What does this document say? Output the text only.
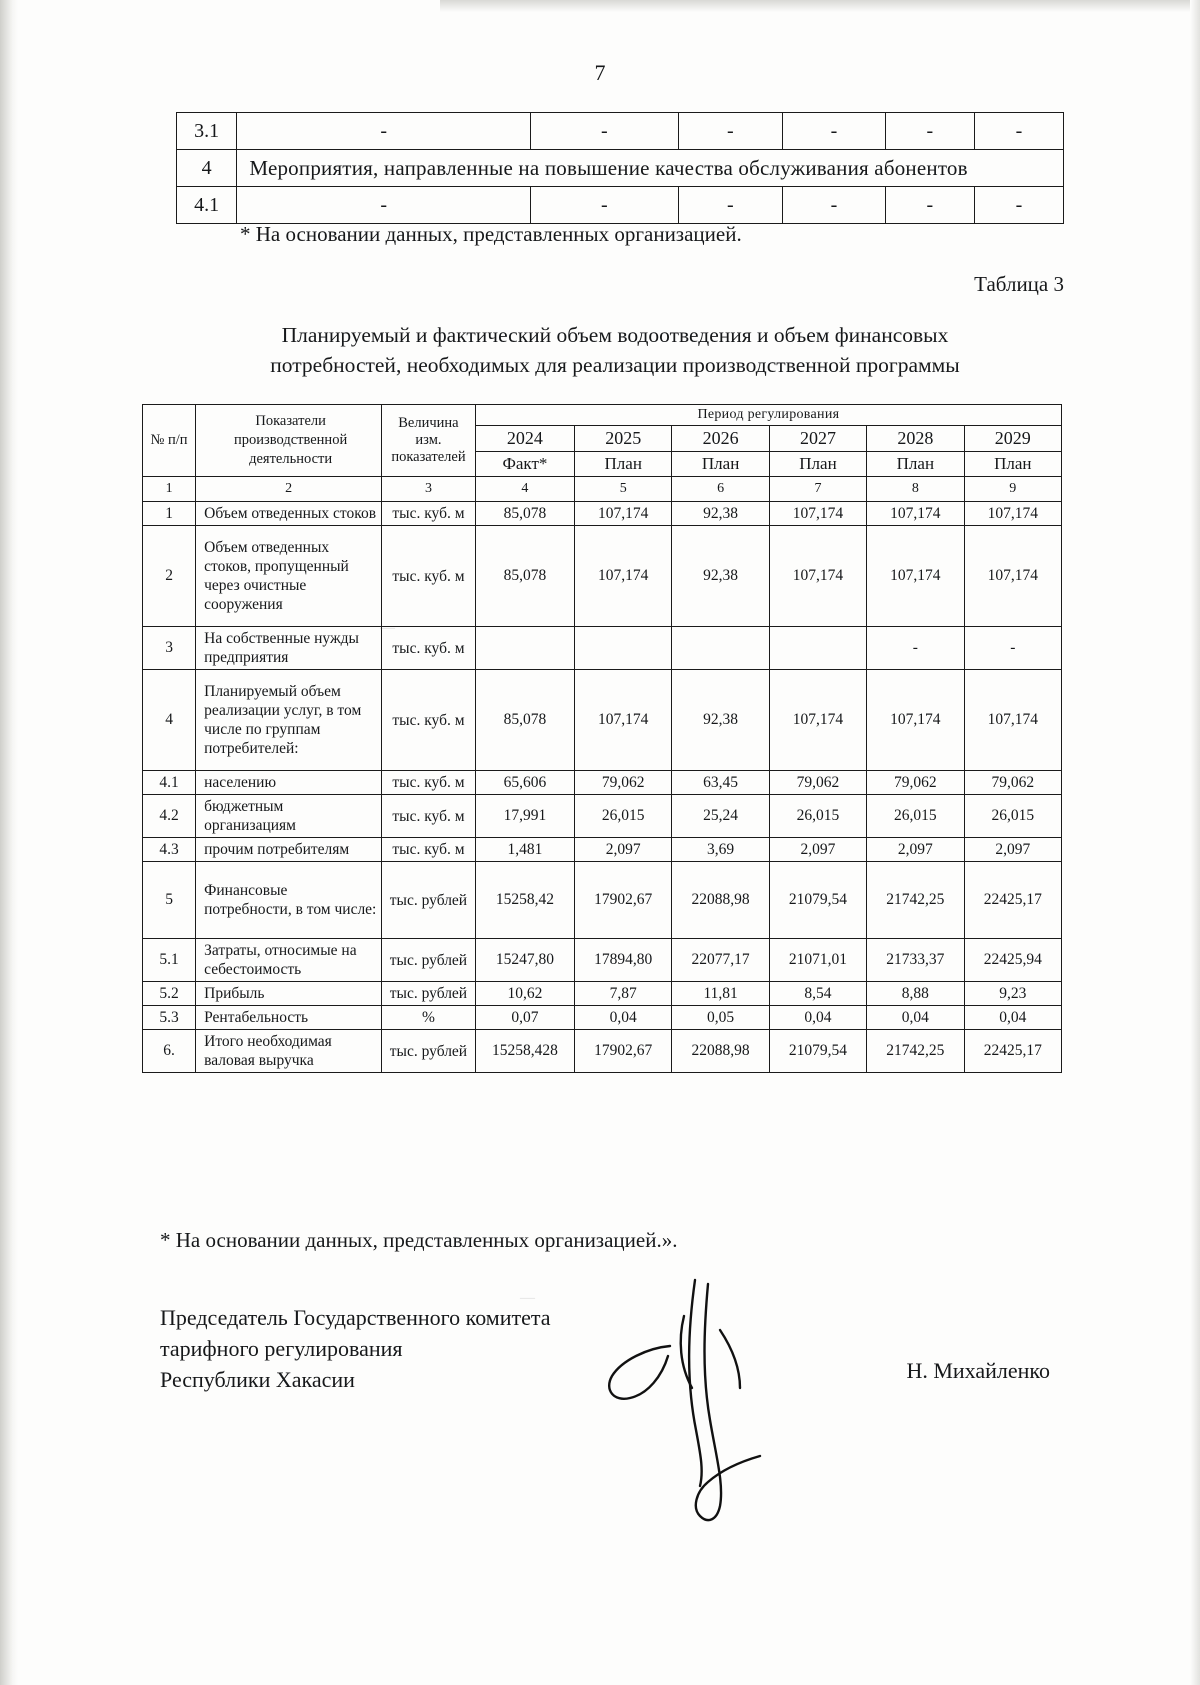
7
3.1	-	-	-	-	-	-
4	Мероприятия, направленные на повышение качества обслуживания абонентов					
4.1	-	-	-	-	-	-
* На основании данных, представленных организацией.
Таблица 3
Планируемый и фактический объем водоотведения и объем финансовых
потребностей, необходимых для реализации производственной программы
№ п/п	Показатели производственной деятельности	Величина изм. показателей	Период регулирования					
			2024	2025	2026	2027	2028	2029
			Факт*	План	План	План	План	План
1	2	3	4	5	6	7	8	9
1	Объем отведенных стоков	тыс. куб. м	85,078	107,174	92,38	107,174	107,174	107,174
2	Объем отведенных стоков, пропущенный через очистные сооружения	тыс. куб. м	85,078	107,174	92,38	107,174	107,174	107,174
3	На собственные нужды предприятия	тыс. куб. м					-	-
4	Планируемый объем реализации услуг, в том числе по группам потребителей:	тыс. куб. м	85,078	107,174	92,38	107,174	107,174	107,174
4.1	населению	тыс. куб. м	65,606	79,062	63,45	79,062	79,062	79,062
4.2	бюджетным организациям	тыс. куб. м	17,991	26,015	25,24	26,015	26,015	26,015
4.3	прочим потребителям	тыс. куб. м	1,481	2,097	3,69	2,097	2,097	2,097
5	Финансовые потребности, в том числе:	тыс. рублей	15258,42	17902,67	22088,98	21079,54	21742,25	22425,17
5.1	Затраты, относимые на себестоимость	тыс. рублей	15247,80	17894,80	22077,17	21071,01	21733,37	22425,94
5.2	Прибыль	тыс. рублей	10,62	7,87	11,81	8,54	8,88	9,23
5.3	Рентабельность	%	0,07	0,04	0,05	0,04	0,04	0,04
6.	Итого необходимая валовая выручка	тыс. рублей	15258,428	17902,67	22088,98	21079,54	21742,25	22425,17
* На основании данных, представленных организацией.».
Председатель Государственного комитета
тарифного регулирования
Республики Хакасии	Н. Михайленко
—
—
